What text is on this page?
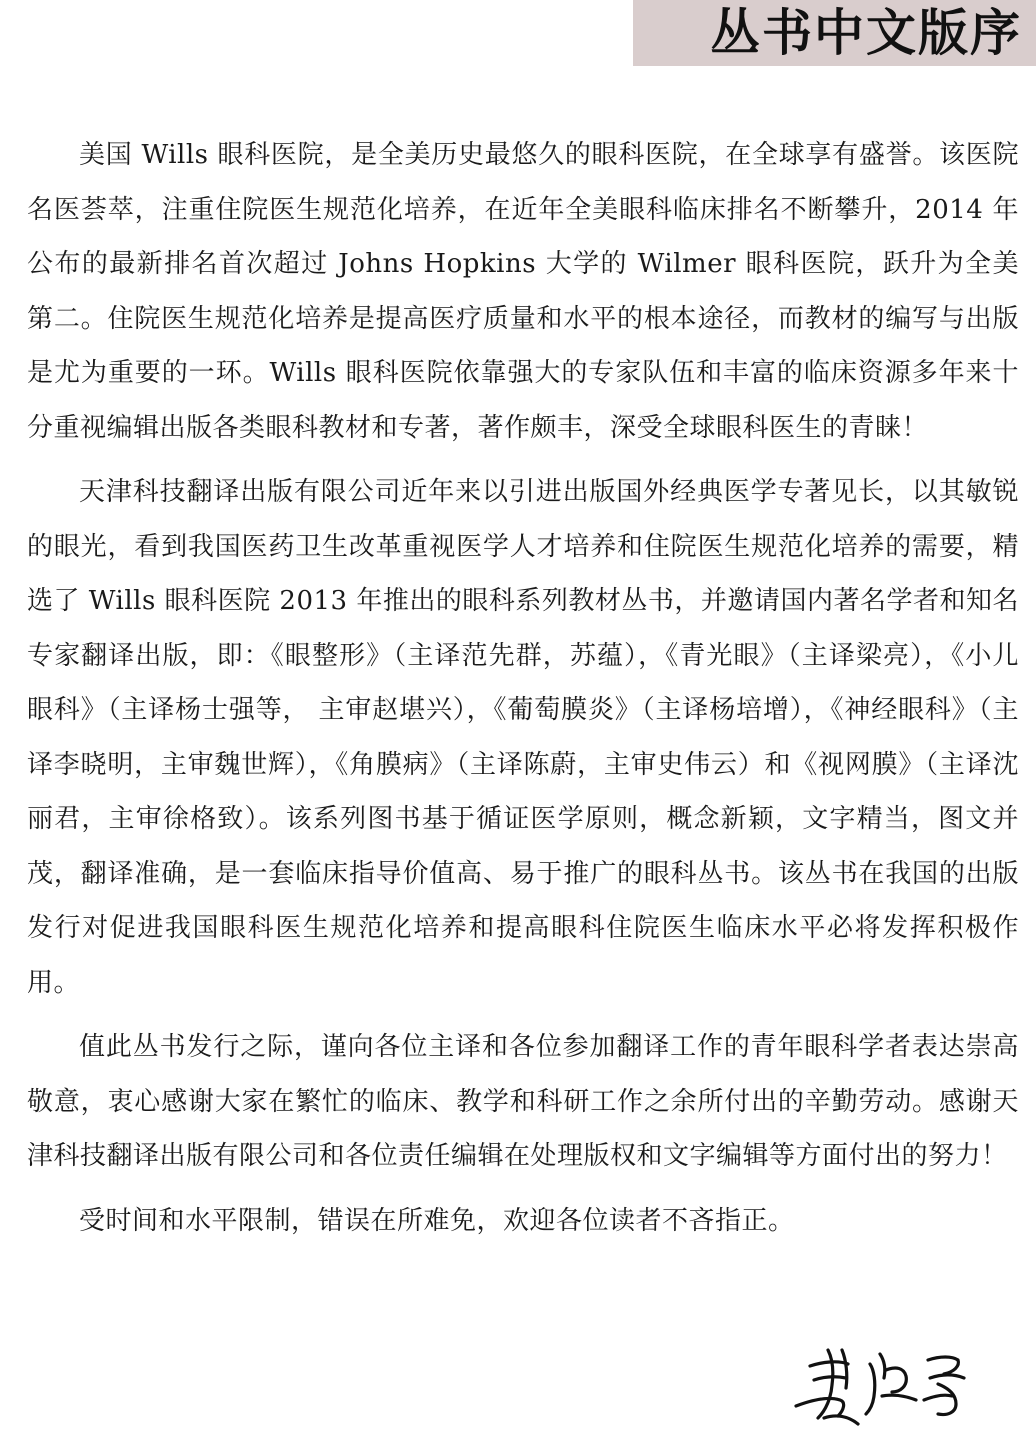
丛书中文版序

美国 Wills 眼科医院，是全美历史最悠久的眼科医院，在全球享有盛誉。该医院名医荟萃，注重住院医生规范化培养，在近年全美眼科临床排名不断攀升，2014 年公布的最新排名首次超过 Johns Hopkins 大学的 Wilmer 眼科医院，跃升为全美第二。住院医生规范化培养是提高医疗质量和水平的根本途径，而教材的编写与出版是尤为重要的一环。Wills 眼科医院依靠强大的专家队伍和丰富的临床资源多年来十分重视编辑出版各类眼科教材和专著，著作颇丰，深受全球眼科医生的青睐！

天津科技翻译出版有限公司近年来以引进出版国外经典医学专著见长，以其敏锐的眼光，看到我国医药卫生改革重视医学人才培养和住院医生规范化培养的需要，精选了 Wills 眼科医院 2013 年推出的眼科系列教材丛书，并邀请国内著名学者和知名专家翻译出版，即：《眼整形》（主译范先群，苏蕴），《青光眼》（主译梁亮），《小儿眼科》（主译杨士强等， 主审赵堪兴），《葡萄膜炎》（主译杨培增），《神经眼科》（主译李晓明，主审魏世辉），《角膜病》（主译陈蔚，主审史伟云）和《视网膜》（主译沈丽君，主审徐格致）。该系列图书基于循证医学原则，概念新颖，文字精当，图文并茂，翻译准确，是一套临床指导价值高、易于推广的眼科丛书。该丛书在我国的出版发行对促进我国眼科医生规范化培养和提高眼科住院医生临床水平必将发挥积极作用。

值此丛书发行之际，谨向各位主译和各位参加翻译工作的青年眼科学者表达崇高敬意，衷心感谢大家在繁忙的临床、教学和科研工作之余所付出的辛勤劳动。感谢天津科技翻译出版有限公司和各位责任编辑在处理版权和文字编辑等方面付出的努力！

受时间和水平限制，错误在所难免，欢迎各位读者不吝指正。
